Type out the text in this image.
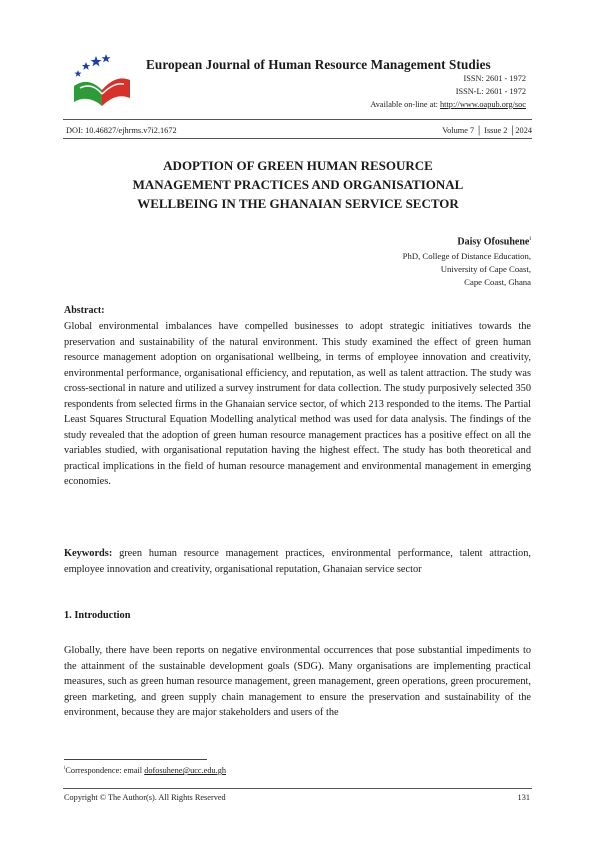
European Journal of Human Resource Management Studies
ISSN: 2601 - 1972
ISSN-L: 2601 - 1972
Available on-line at: http://www.oapub.org/soc
DOI: 10.46827/ejhrms.v7i2.1672	Volume 7 │ Issue 2 │2024
ADOPTION OF GREEN HUMAN RESOURCE
MANAGEMENT PRACTICES AND ORGANISATIONAL
WELLBEING IN THE GHANAIAN SERVICE SECTOR
Daisy Ofosuhene$^i$
PhD, College of Distance Education,
University of Cape Coast,
Cape Coast, Ghana
Abstract:
Global environmental imbalances have compelled businesses to adopt strategic initiatives towards the preservation and sustainability of the natural environment. This study examined the effect of green human resource management adoption on organisational wellbeing, in terms of employee innovation and creativity, environmental performance, organisational efficiency, and reputation, as well as talent attraction. The study was cross-sectional in nature and utilized a survey instrument for data collection. The study purposively selected 350 respondents from selected firms in the Ghanaian service sector, of which 213 responded to the items. The Partial Least Squares Structural Equation Modelling analytical method was used for data analysis. The findings of the study revealed that the adoption of green human resource management practices has a positive effect on all the variables studied, with organisational reputation having the highest effect. The study has both theoretical and practical implications in the field of human resource management and environmental management in emerging economies.
Keywords: green human resource management practices, environmental performance, talent attraction, employee innovation and creativity, organisational reputation, Ghanaian service sector
1. Introduction
Globally, there have been reports on negative environmental occurrences that pose substantial impediments to the attainment of the sustainable development goals (SDG). Many organisations are implementing practical measures, such as green human resource management, green management, green operations, green procurement, green marketing, and green supply chain management to ensure the preservation and sustainability of the environment, because they are major stakeholders and users of the
$^i$Correspondence: email dofosuhene@ucc.edu.gh
Copyright © The Author(s). All Rights Reserved	131
